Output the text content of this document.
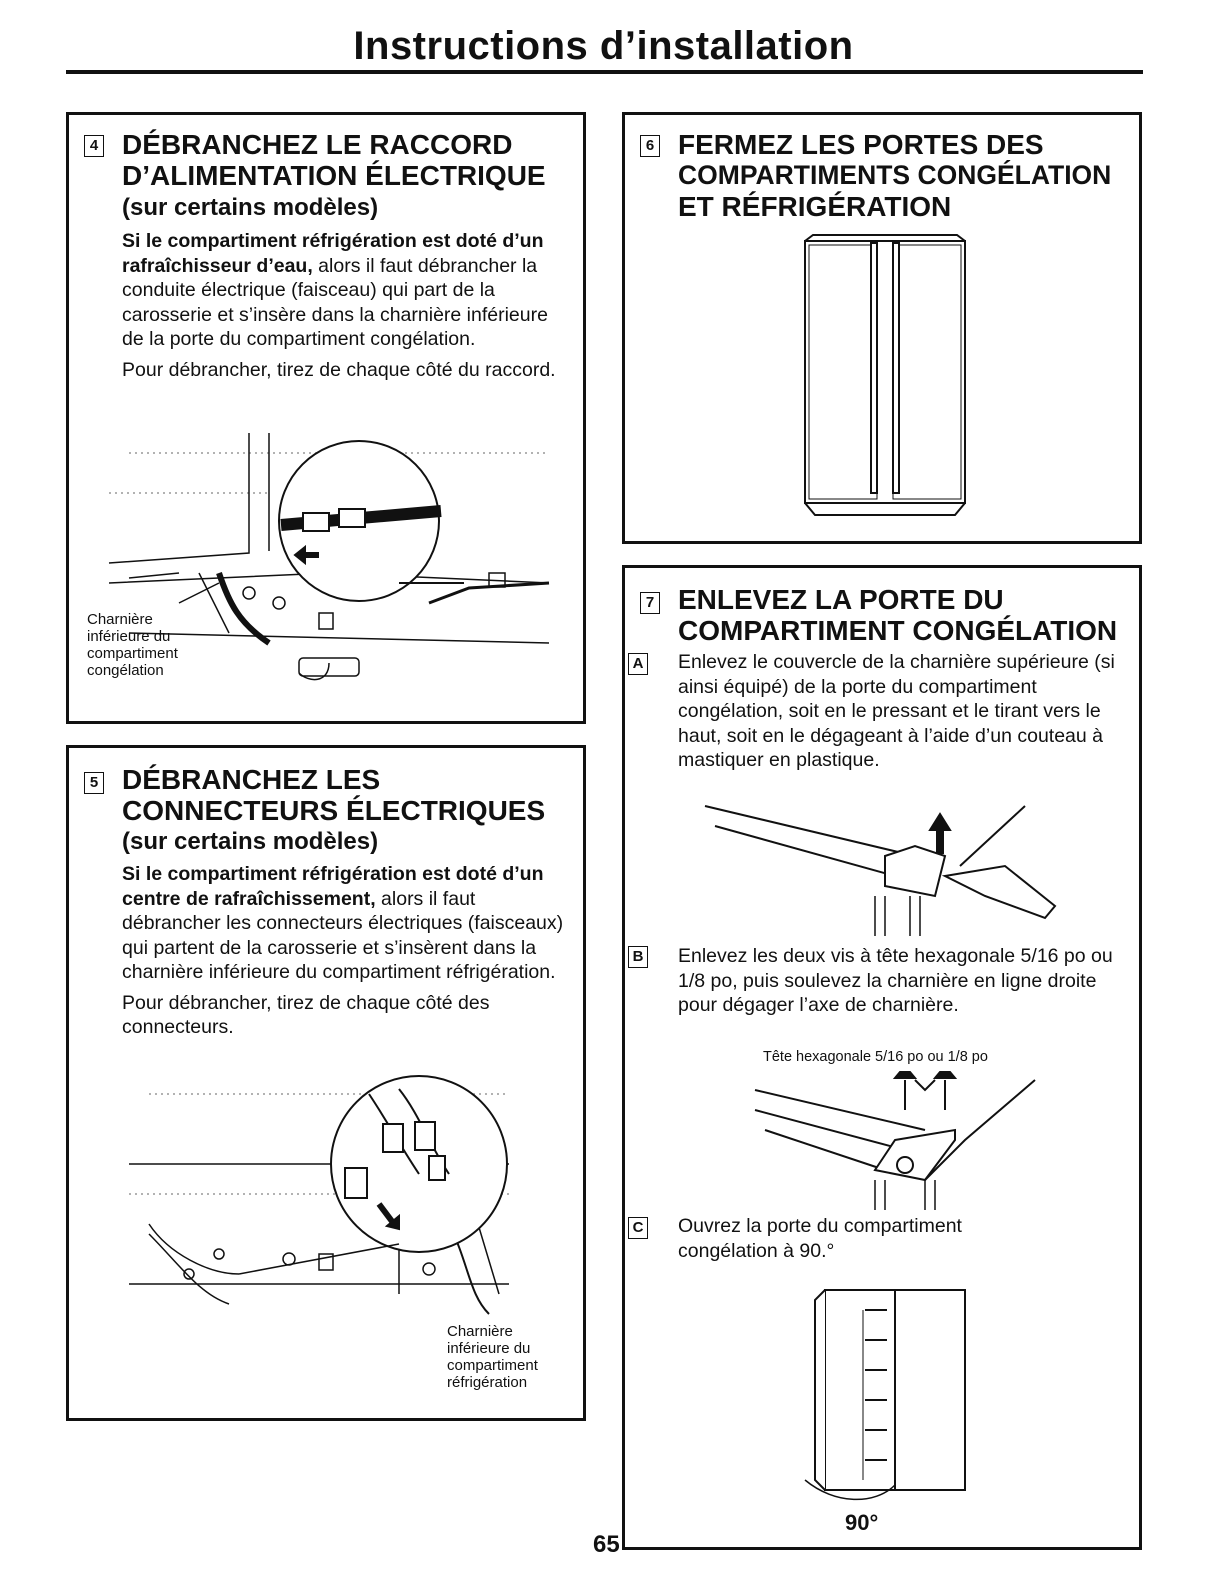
Instructions d’installation
4 DÉBRANCHEZ LE RACCORD
D’ALIMENTATION ÉLECTRIQUE
(sur certains modèles)

Si le compartiment réfrigération est doté d’un rafraîchisseur d’eau, alors il faut débrancher la conduite électrique (faisceau) qui part de la carosserie et s’insère dans la charnière inférieure de la porte du compartiment congélation.

Pour débrancher, tirez de chaque côté du raccord.

Charnière
inférieure du
compartiment
congélation
5 DÉBRANCHEZ LES
CONNECTEURS ÉLECTRIQUES
(sur certains modèles)

Si le compartiment réfrigération est doté d’un centre de rafraîchissement, alors il faut débrancher les connecteurs électriques (faisceaux) qui partent de la carosserie et s’insèrent dans la charnière inférieure du compartiment réfrigération.

Pour débrancher, tirez de chaque côté des connecteurs.

Charnière
inférieure du
compartiment
réfrigération
6 FERMEZ LES PORTES DES
COMPARTIMENTS CONGÉLATION
ET RÉFRIGÉRATION
7 ENLEVEZ LA PORTE DU
COMPARTIMENT CONGÉLATION
A Enlevez le couvercle de la charnière supérieure (si ainsi équipé) de la porte du compartiment congélation, soit en le pressant et le tirant vers le haut, soit en le dégageant à l’aide d’un couteau à mastiquer en plastique.
B Enlevez les deux vis à tête hexagonale 5/16 po ou 1/8 po, puis soulevez la charnière en ligne droite pour dégager l’axe de charnière.
Tête hexagonale 5/16 po ou 1/8 po
C Ouvrez la porte du compartiment congélation à 90.°
90°
65
